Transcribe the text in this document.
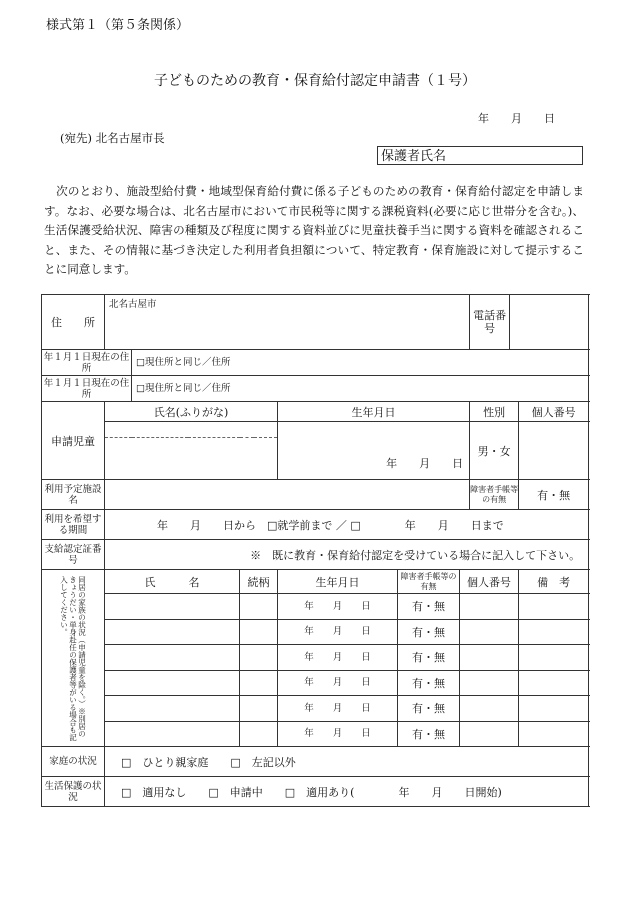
様式第１（第５条関係）
子どものための教育・保育給付認定申請書（１号）
年　　月　　日
(宛先) 北名古屋市長
保護者氏名
次のとおり、施設型給付費・地域型保育給付費に係る子どものための教育・保育給付認定を申請します。なお、必要な場合は、北名古屋市において市民税等に関する課税資料(必要に応じ世帯分を含む。)、生活保護受給状況、障害の種類及び程度に関する資料並びに児童扶養手当に関する資料を確認されること、また、その情報に基づき決定した利用者負担額について、特定教育・保育施設に対して提示することに同意します。
住　　所	北名古屋市						電話番号		
年１月１日現在の住所		□現住所と同じ／住所							
年１月１日現在の住所		□現住所と同じ／住所							
申請児童	氏名(ふりがな)			生年月日			性別		個人番号
				年　　月　　日			男・女		

利用予定施設名							障害者手帳等の有無		有・無
利用を希望する期間	年　　月　　日から　□就学前まで ／ □　　　　年　　月　　日まで								
支給認定証番号	※　既に教育・保育給付認定を受けている場合に記入して下さい。								

同居の家族の状況（申請児童を除く。）※別居のきょうだい・単身赴任の保護者等がいる場合も記入してください。	氏　　　名		続柄	生年月日	障害者手帳等の有無	個人番号			備　考
				年　　月　　日	有・無				
				年　　月　　日	有・無				
				年　　月　　日	有・無				
				年　　月　　日	有・無				
				年　　月　　日	有・無				
				年　　月　　日	有・無				
家庭の状況	□　ひとり親家庭　　□　左記以外								
生活保護の状況	□　適用なし　　□　申請中　　□　適用あり(　　　　年　　月　　日開始)								
